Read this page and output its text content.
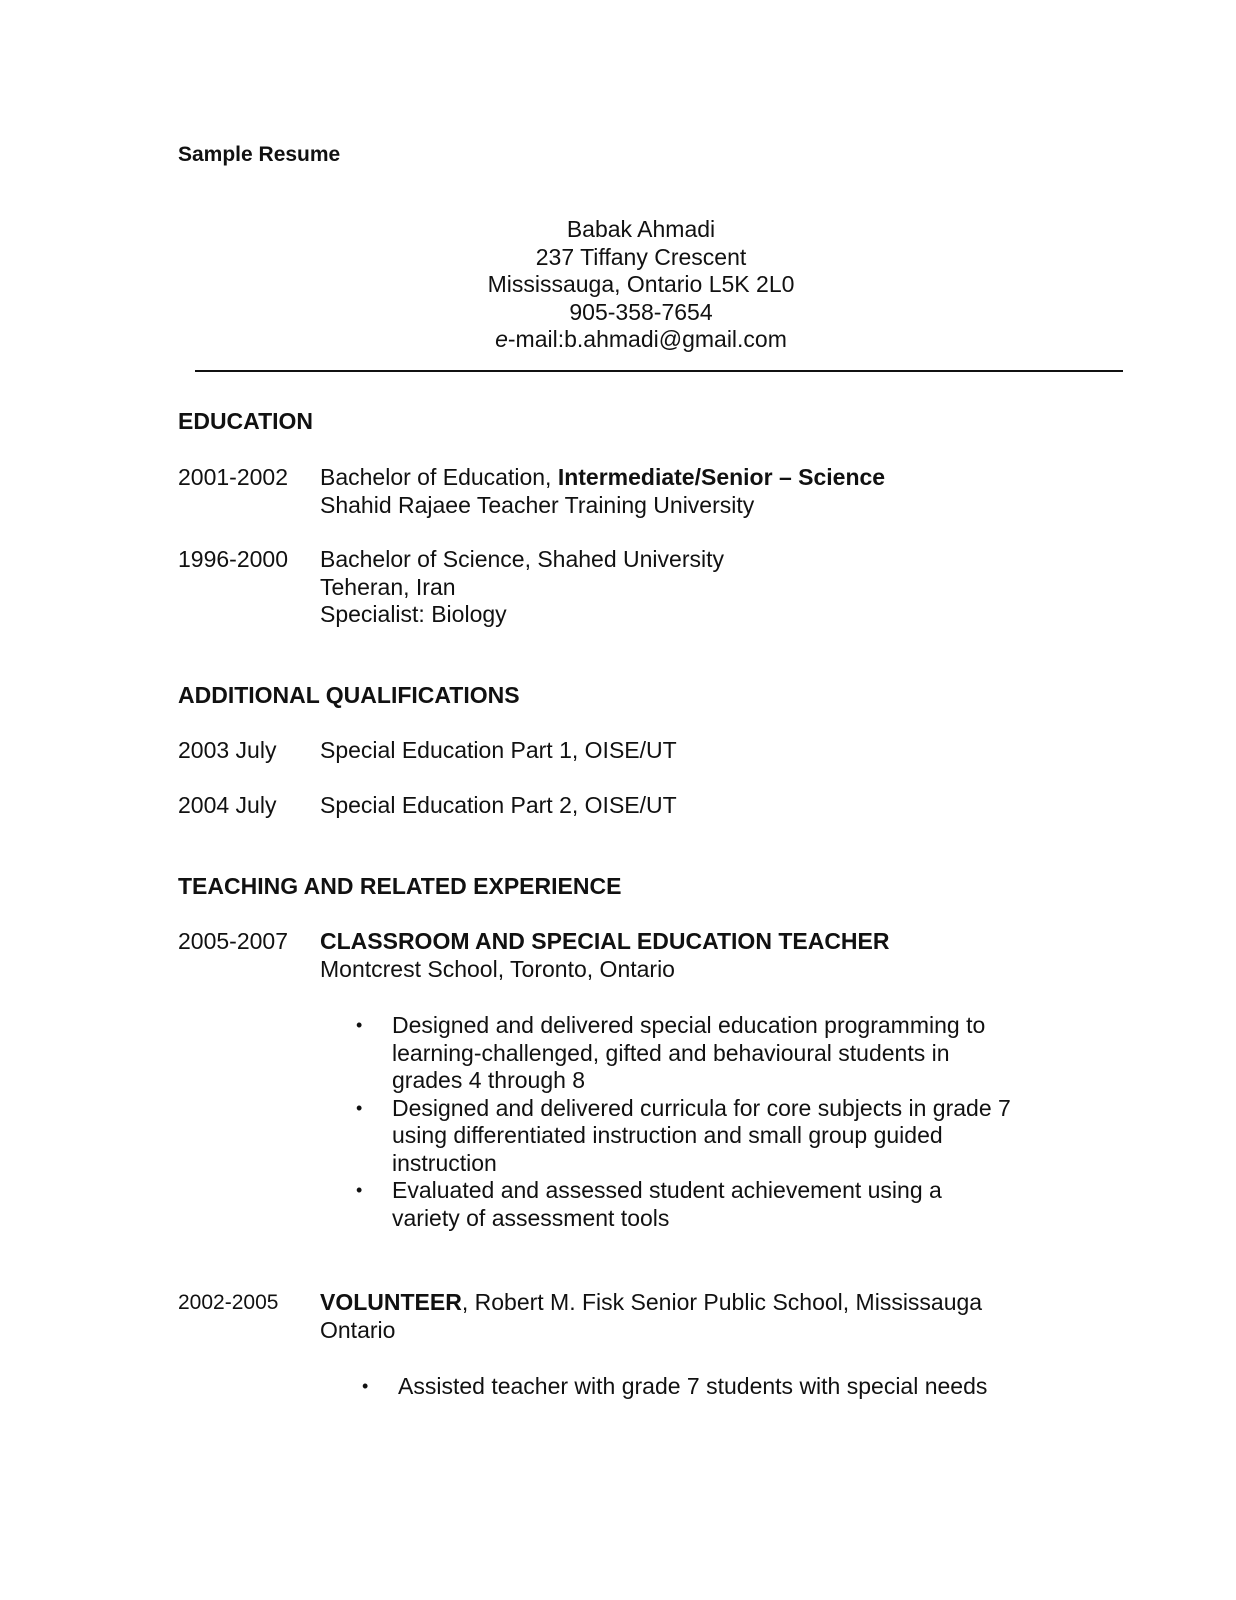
Sample Resume
Babak Ahmadi
237 Tiffany Crescent
Mississauga, Ontario L5K 2L0
905-358-7654
e-mail:b.ahmadi@gmail.com
EDUCATION
2001-2002 Bachelor of Education, Intermediate/Senior – Science
Shahid Rajaee Teacher Training University
1996-2000 Bachelor of Science, Shahed University
Teheran, Iran
Specialist: Biology
ADDITIONAL QUALIFICATIONS
2003 July Special Education Part 1, OISE/UT
2004 July Special Education Part 2, OISE/UT
TEACHING AND RELATED EXPERIENCE
2005-2007 CLASSROOM AND SPECIAL EDUCATION TEACHER
Montcrest School, Toronto, Ontario
• Designed and delivered special education programming to
learning-challenged, gifted and behavioural students in
grades 4 through 8
• Designed and delivered curricula for core subjects in grade 7
using differentiated instruction and small group guided
instruction
• Evaluated and assessed student achievement using a
variety of assessment tools
2002-2005 VOLUNTEER, Robert M. Fisk Senior Public School, Mississauga
Ontario
• Assisted teacher with grade 7 students with special needs
